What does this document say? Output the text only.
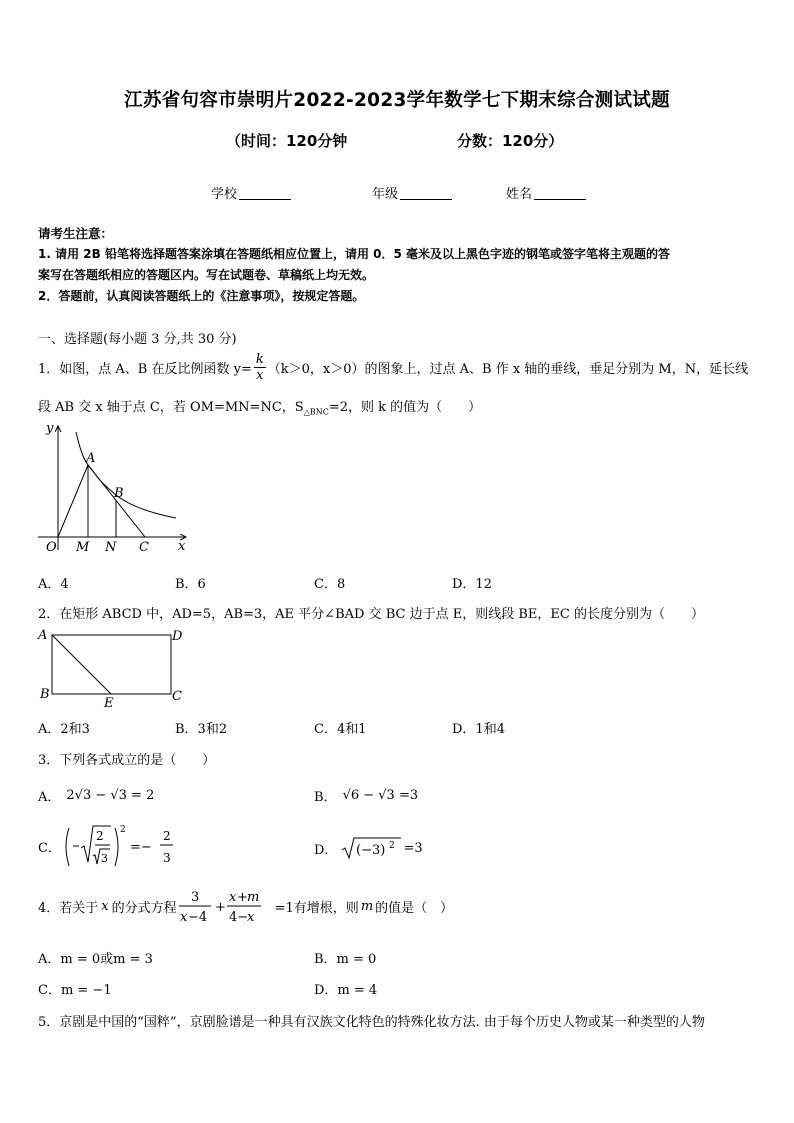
江苏省句容市崇明片2022-2023学年数学七下期末综合测试试题
（时间：120分钟	分数：120分）
学校	年级	姓名
请考生注意：
1. 请用 2B 铅笔将选择题答案涂填在答题纸相应位置上，请用 0．5 毫米及以上黑色字迹的钢笔或签字笔将主观题的答
案写在答题纸相应的答题区内。写在试题卷、草稿纸上均无效。
2．答题前，认真阅读答题纸上的《注意事项》，按规定答题。
一、选择题(每小题 3 分,共 30 分)
1．如图，点 A、B 在反比例函数 $y= \frac{k}{x} (k>0$，x＞0）的图象上，过点 A、B 作 x 轴的垂线，垂足分别为 M，N，延长线
段 AB 交 x 轴于点 C，若 OM=MN=NC，$S_{\triangle BNC}=2$，则 k 的值为（　　）
y
x
O M N C
A
B
A．4	B．6	C．8	D．12
2．在矩形 ABCD 中，AD=5，AB=3，AE 平分∠BAD 交 BC 边于点 E，则线段 BE，EC 的长度分别为（　　）
A
B	C
D
E
A．2和3	B．3和2	C．4和1	D．1和4
3．下列各式成立的是（　　）
A． 2√3 − √3 = 2	B． √6 − √3 =3
C．
2
3
2
=−
2
3
D． (−3) 2 =3
4．若关于 x 的分式方程
3
x −4
+
x + m
4−
x
=1有增根，则 m 的值是（　）
A．m = 0或m = 3	B．m = 0
C．m = −1	D．m = 4
5．京剧是中国的“国粹”，京剧脸谱是一种具有汉族文化特色的特殊化妆方法. 由于每个历史人物或某一种类型的人物
